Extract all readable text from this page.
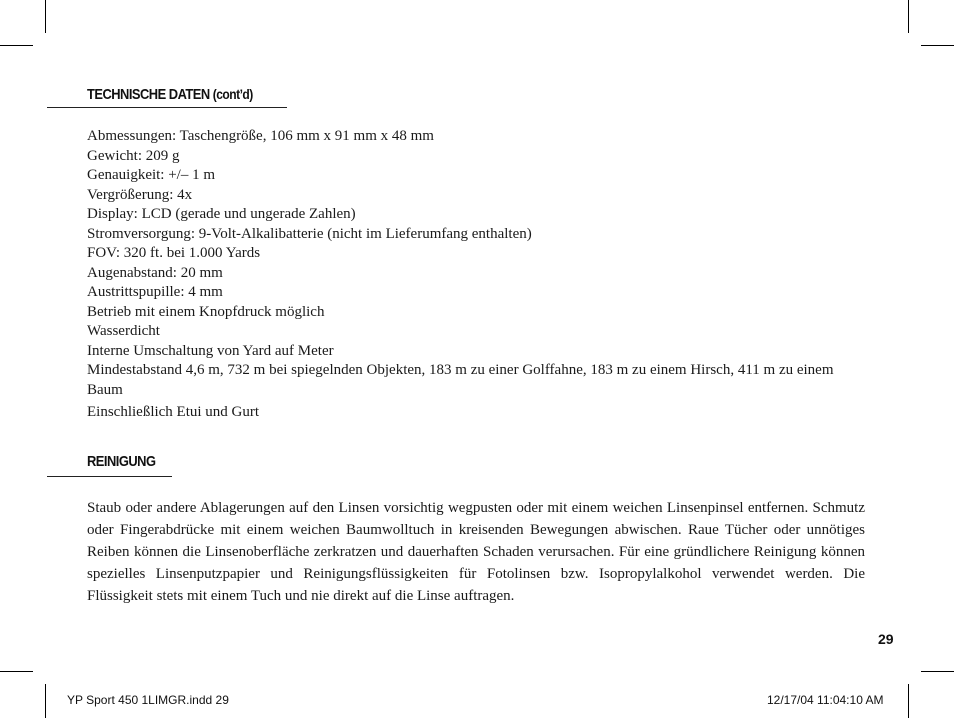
TECHNISCHE DATEN (cont’d)
Abmessungen: Taschengröße, 106 mm x 91 mm x 48 mm
Gewicht: 209 g
Genauigkeit: +/– 1 m
Vergrößerung: 4x
Display: LCD (gerade und ungerade Zahlen)
Stromversorgung: 9-Volt-Alkalibatterie (nicht im Lieferumfang enthalten)
FOV: 320 ft. bei 1.000 Yards
Augenabstand: 20 mm
Austrittspupille: 4 mm
Betrieb mit einem Knopfdruck möglich
Wasserdicht
Interne Umschaltung von Yard auf Meter
Mindestabstand 4,6 m, 732 m bei spiegelnden Objekten, 183 m zu einer Golffahne, 183 m zu einem Hirsch, 411 m zu einem Baum
Einschließlich Etui und Gurt
REINIGUNG

Staub oder andere Ablagerungen auf den Linsen vorsichtig wegpusten oder mit einem weichen Linsenpinsel entfernen. Schmutz oder Fingerabdrücke mit einem weichen Baumwolltuch in kreisenden Bewegungen abwischen. Raue Tücher oder unnötiges Reiben können die Linsenoberfläche zerkratzen und dauerhaften Schaden verursachen. Für eine gründlichere Reinigung können spezielles Linsenputzpapier und Reinigungsflüssigkeiten für Fotolinsen bzw. Isopropylalkohol verwendet werden. Die Flüssigkeit stets mit einem Tuch und nie direkt auf die Linse auftragen.

29
YP Sport 450 1LIMGR.indd 29	12/17/04 11:04:10 AM
